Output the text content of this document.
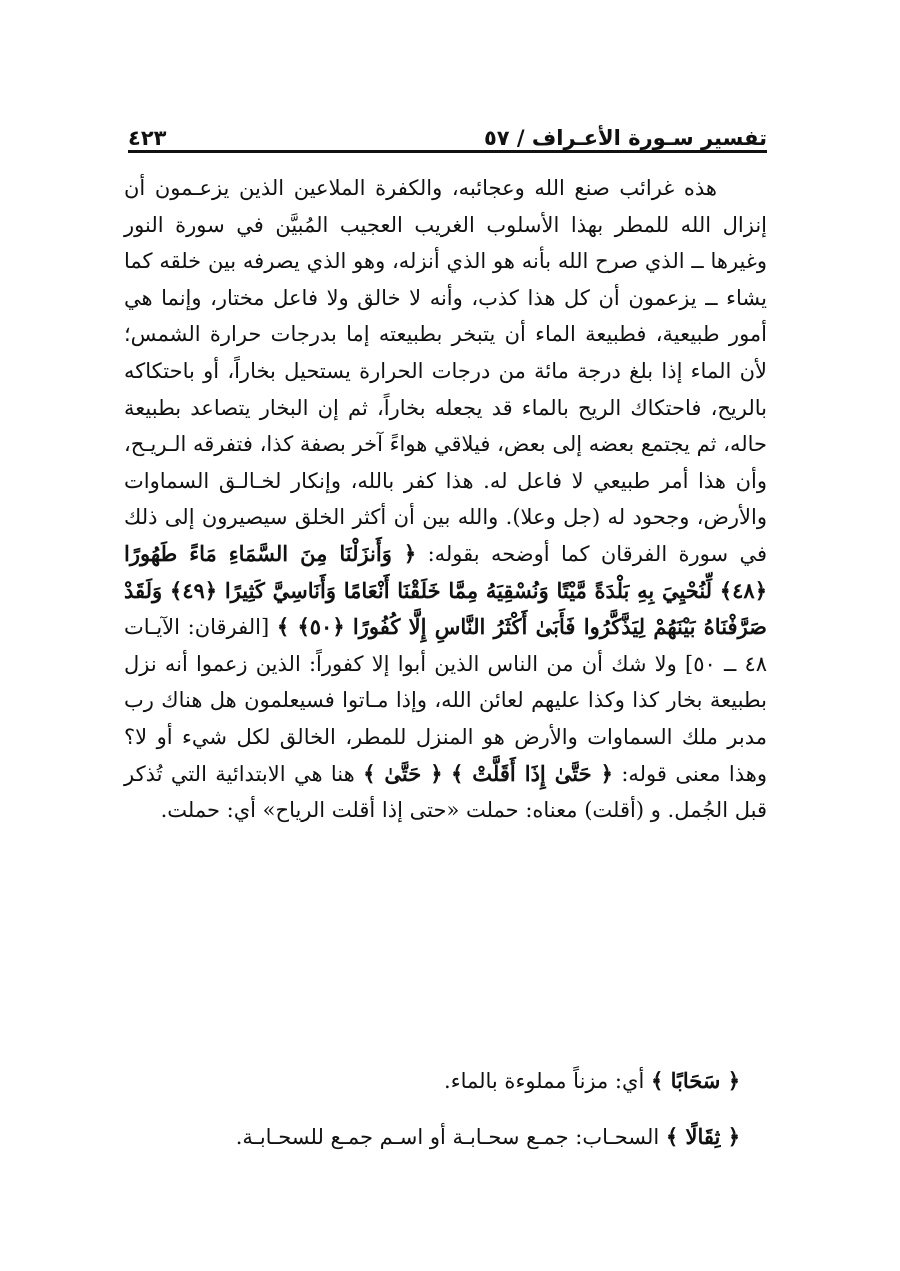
تفسير سـورة الأعـراف / ٥٧
٤٢٣

هذه غرائب صنع الله وعجائبه، والكفرة الملاعين الذين يزعـمون أن إنزال الله للمطر بهذا الأسلوب الغريب العجيب المُبيَّن في سورة النور وغيرها ــ الذي صرح الله بأنه هو الذي أنزله، وهو الذي يصرفه بين خلقه كما يشاء ــ يزعمون أن كل هذا كذب، وأنه لا خالق ولا فاعل مختار، وإنما هي أمور طبيعية، فطبيعة الماء أن يتبخر بطبيعته إما بدرجات حرارة الشمس؛ لأن الماء إذا بلغ درجة مائة من درجات الحرارة يستحيل بخاراً، أو باحتكاكه بالريح، فاحتكاك الريح بالماء قد يجعله بخاراً، ثم إن البخار يتصاعد بطبيعة حاله، ثم يجتمع بعضه إلى بعض، فيلاقي هواءً آخر بصفة كذا، فتفرقه الـريـح، وأن هذا أمر طبيعي لا فاعل له. هذا كفر بالله، وإنكار لخـالـق السماوات والأرض، وجحود له (جل وعلا). والله بين أن أكثر الخلق سيصيرون إلى ذلك في سورة الفرقان كما أوضحه بقوله: ﴿ وَأَنزَلْنَا مِنَ السَّمَاءِ مَاءً طَهُورًا ﴿٤٨﴾ لِّنُحْيِيَ بِهِ بَلْدَةً مَّيْتًا وَنُسْقِيَهُ مِمَّا خَلَقْنَا أَنْعَامًا وَأَنَاسِيَّ كَثِيرًا ﴿٤٩﴾ وَلَقَدْ صَرَّفْنَاهُ بَيْنَهُمْ لِيَذَّكَّرُوا فَأَبَىٰ أَكْثَرُ النَّاسِ إِلَّا كُفُورًا ﴿٥٠﴾ ﴾ [الفرقان: الآيـات ٤٨ ــ ٥٠] ولا شك أن من الناس الذين أبوا إلا كفوراً: الذين زعموا أنه نزل بطبيعة بخار كذا وكذا عليهم لعائن الله، وإذا مـاتوا فسيعلمون هل هناك رب مدبر ملك السماوات والأرض هو المنزل للمطر، الخالق لكل شيء أو لا؟ وهذا معنى قوله: ﴿ حَتَّىٰ إِذَا أَقَلَّتْ ﴾ ﴿ حَتَّىٰ ﴾ هنا هي الابتدائية التي تُذكر قبل الجُمل. و (أقلت) معناه: حملت «حتى إذا أقلت الرياح» أي: حملت.

﴿ سَحَابًا ﴾ أي: مزناً مملوءة بالماء.
﴿ ثِقَالًا ﴾ السحـاب: جمـع سحـابـة أو اسـم جمـع للسحـابـة.
